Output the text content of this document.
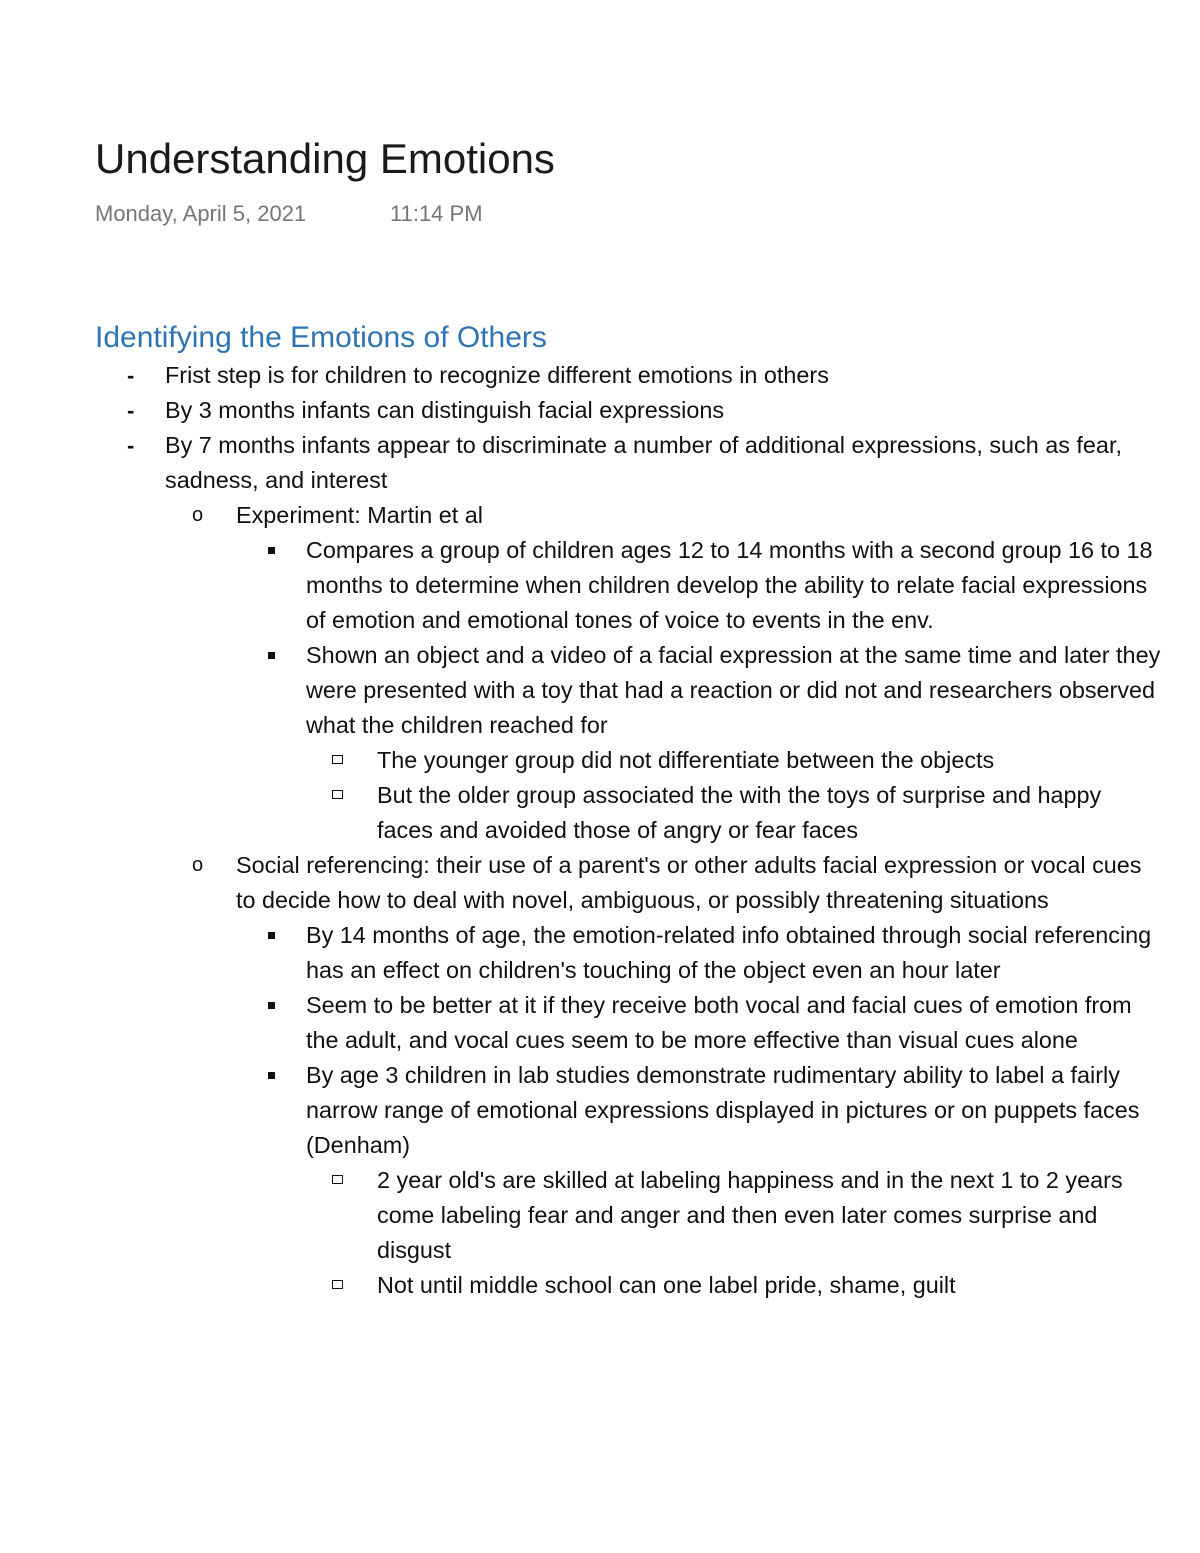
Understanding Emotions
Monday, April 5, 2021	11:14 PM
Identifying the Emotions of Others
- Frist step is for children to recognize different emotions in others
- By 3 months infants can distinguish facial expressions
- By 7 months infants appear to discriminate a number of additional expressions, such as fear, sadness, and interest
o Experiment: Martin et al
Compares a group of children ages 12 to 14 months with a second group 16 to 18 months to determine when children develop the ability to relate facial expressions of emotion and emotional tones of voice to events in the env.
Shown an object and a video of a facial expression at the same time and later they were presented with a toy that had a reaction or did not and researchers observed what the children reached for
The younger group did not differentiate between the objects
But the older group associated the with the toys of surprise and happy faces and avoided those of angry or fear faces
o Social referencing: their use of a parent's or other adults facial expression or vocal cues to decide how to deal with novel, ambiguous, or possibly threatening situations
By 14 months of age, the emotion-related info obtained through social referencing has an effect on children's touching of the object even an hour later
Seem to be better at it if they receive both vocal and facial cues of emotion from the adult, and vocal cues seem to be more effective than visual cues alone
By age 3 children in lab studies demonstrate rudimentary ability to label a fairly narrow range of emotional expressions displayed in pictures or on puppets faces (Denham)
2 year old's are skilled at labeling happiness and in the next 1 to 2 years come labeling fear and anger and then even later comes surprise and disgust
Not until middle school can one label pride, shame, guilt
